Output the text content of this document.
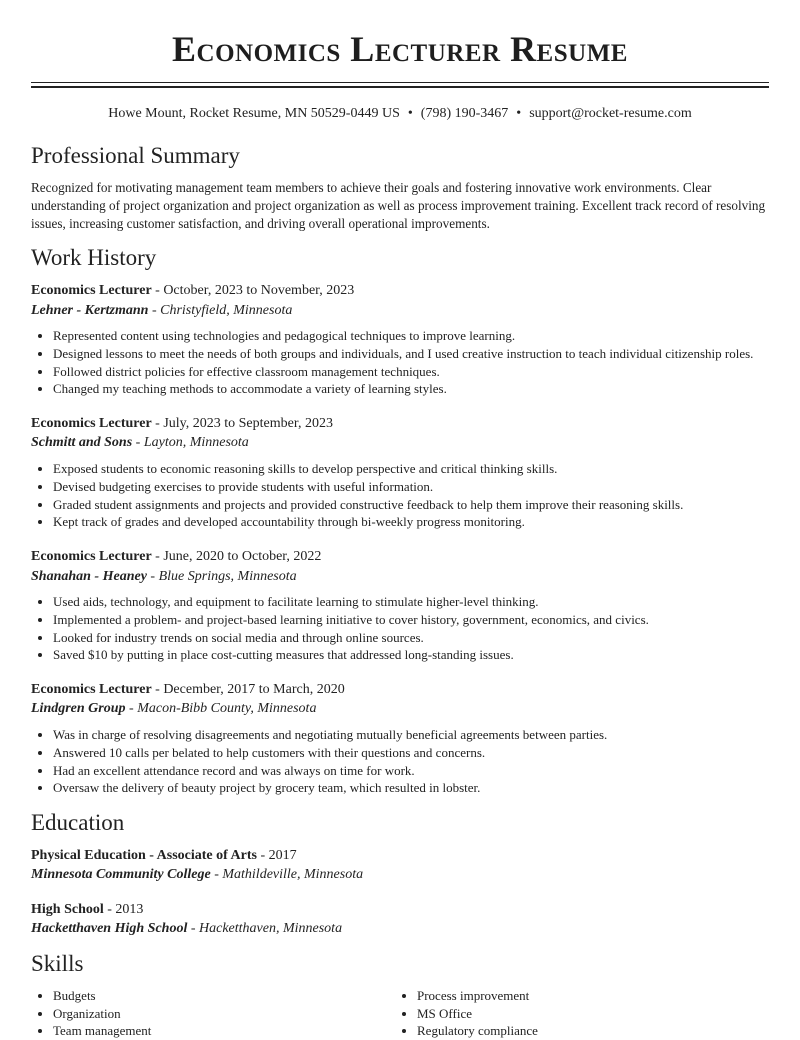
Economics Lecturer Resume
Howe Mount, Rocket Resume, MN 50529-0449 US • (798) 190-3467 • support@rocket-resume.com
Professional Summary

Recognized for motivating management team members to achieve their goals and fostering innovative work environments. Clear understanding of project organization and project organization as well as process improvement training. Excellent track record of resolving issues, increasing customer satisfaction, and driving overall operational improvements.

Work History
Economics Lecturer - October, 2023 to November, 2023
Lehner - Kertzmann - Christyfield, Minnesota
• Represented content using technologies and pedagogical techniques to improve learning.
• Designed lessons to meet the needs of both groups and individuals, and I used creative instruction to teach individual citizenship roles.
• Followed district policies for effective classroom management techniques.
• Changed my teaching methods to accommodate a variety of learning styles.
Economics Lecturer - July, 2023 to September, 2023
Schmitt and Sons - Layton, Minnesota
• Exposed students to economic reasoning skills to develop perspective and critical thinking skills.
• Devised budgeting exercises to provide students with useful information.
• Graded student assignments and projects and provided constructive feedback to help them improve their reasoning skills.
• Kept track of grades and developed accountability through bi-weekly progress monitoring.
Economics Lecturer - June, 2020 to October, 2022
Shanahan - Heaney - Blue Springs, Minnesota
• Used aids, technology, and equipment to facilitate learning to stimulate higher-level thinking.
• Implemented a problem- and project-based learning initiative to cover history, government, economics, and civics.
• Looked for industry trends on social media and through online sources.
• Saved $10 by putting in place cost-cutting measures that addressed long-standing issues.
Economics Lecturer - December, 2017 to March, 2020
Lindgren Group - Macon-Bibb County, Minnesota
• Was in charge of resolving disagreements and negotiating mutually beneficial agreements between parties.
• Answered 10 calls per belated to help customers with their questions and concerns.
• Had an excellent attendance record and was always on time for work.
• Oversaw the delivery of beauty project by grocery team, which resulted in lobster.
Education
Physical Education - Associate of Arts - 2017
Minnesota Community College - Mathildeville, Minnesota
High School - 2013
Hacketthaven High School - Hacketthaven, Minnesota
Skills
• Budgets
• Organization
• Team management
• Process improvement
• MS Office
• Regulatory compliance
